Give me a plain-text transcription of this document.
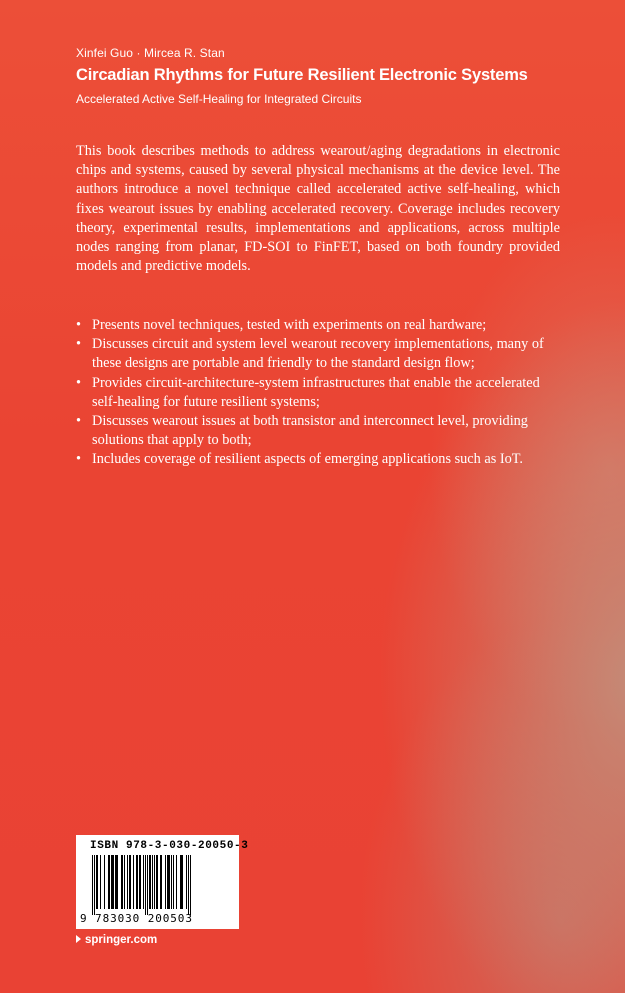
Xinfei Guo · Mircea R. Stan
Circadian Rhythms for Future Resilient Electronic Systems
Accelerated Active Self-Healing for Integrated Circuits

This book describes methods to address wearout/aging degradations in electronic chips and systems, caused by several physical mechanisms at the device level. The authors introduce a novel technique called accelerated active self-healing, which fixes wearout issues by enabling accelerated recovery. Coverage includes recovery theory, experimental results, implementations and applications, across multiple nodes ranging from planar, FD-SOI to FinFET, based on both foundry provided models and predictive models.

• Presents novel techniques, tested with experiments on real hardware;
• Discusses circuit and system level wearout recovery implementations, many of these designs are portable and friendly to the standard design flow;
• Provides circuit-architecture-system infrastructures that enable the accelerated self-healing for future resilient systems;
• Discusses wearout issues at both transistor and interconnect level, providing solutions that apply to both;
• Includes coverage of resilient aspects of emerging applications such as IoT.
ISBN 978-3-030-20050-3
9 783030 200503
springer.com
